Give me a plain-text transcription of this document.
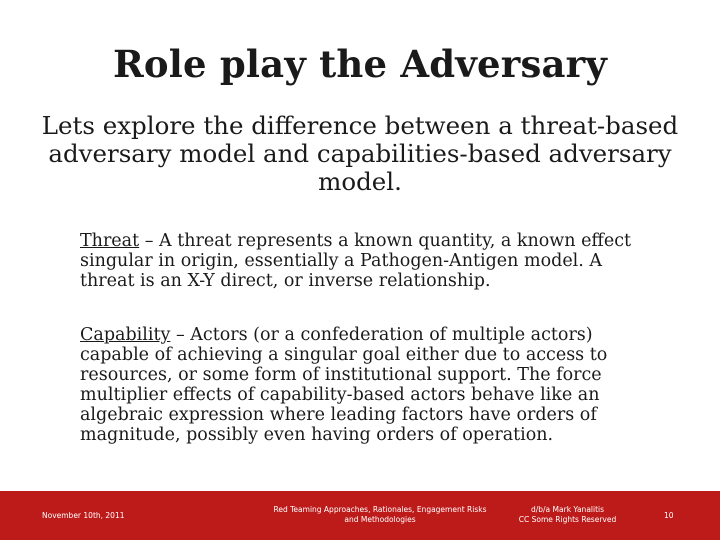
Role play the Adversary
Lets explore the difference between a threat-based adversary model and capabilities-based adversary model.
Threat – A threat represents a known quantity, a known effect singular in origin, essentially a Pathogen-Antigen model. A threat is an X-Y direct, or inverse relationship.
Capability – Actors (or a confederation of multiple actors) capable of achieving a singular goal either due to access to resources, or some form of institutional support. The force multiplier effects of capability-based actors behave like an algebraic expression where leading factors have orders of magnitude, possibly even having orders of operation.
November 10th, 2011
Red Teaming Approaches, Rationales, Engagement Risks
and Methodologies
d/b/a Mark Yanalitis
CC Some Rights Reserved	10
